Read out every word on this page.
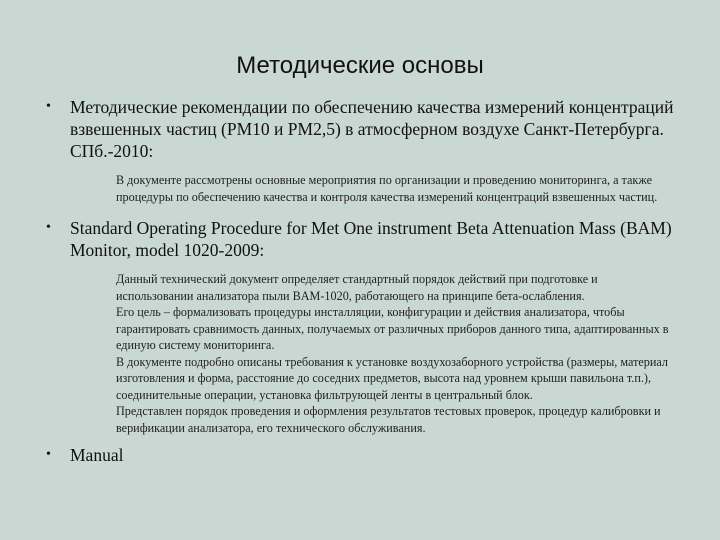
Методические основы
• Методические рекомендации по обеспечению качества измерений концентраций взвешенных частиц (РМ10 и РМ2,5) в атмосферном воздухе Санкт-Петербурга. СПб.-2010:

В документе рассмотрены основные мероприятия по организации и проведению мониторинга, а также процедуры по обеспечению качества и контроля качества измерений концентраций взвешенных частиц.

• Standard Operating Procedure for Met One instrument Beta Attenuation Mass (BAM) Monitor, model 1020-2009:

Данный технический документ определяет стандартный порядок действий при подготовке и использовании анализатора пыли BAM-1020, работающего на принципе бета-ослабления.

Его цель – формализовать процедуры инсталляции, конфигурации и действия анализатора, чтобы гарантировать сравнимость данных, получаемых от различных приборов данного типа, адаптированных в единую систему мониторинга.

В документе подробно описаны требования к установке воздухозаборного устройства (размеры, материал изготовления и форма, расстояние до соседних предметов, высота над уровнем крыши павильона т.п.), соединительные операции, установка фильтрующей ленты в центральный блок.

Представлен порядок проведения и оформления результатов тестовых проверок, процедур калибровки и верификации анализатора, его технического обслуживания.

• Manual
